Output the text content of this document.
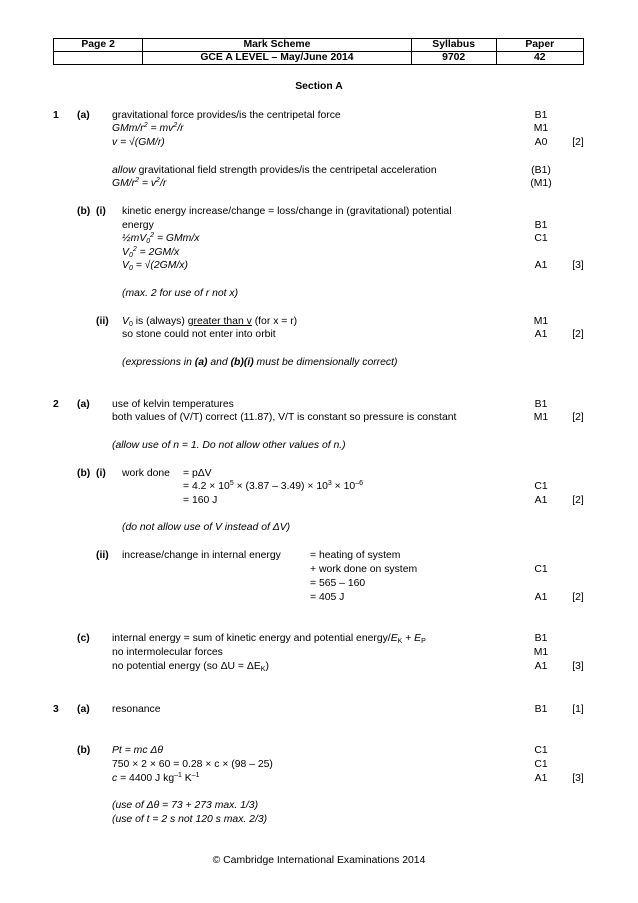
Page 2	Mark Scheme	Syllabus	Paper
	GCE A LEVEL – May/June 2014	9702	42
Section A
1 (a) gravitational force provides/is the centripetal force	B1
GMm/$r^2 = mv^2/r$	M1
v = √(GM/r)	A0	[2]
allow gravitational field strength provides/is the centripetal acceleration	(B1)
$GM/r^2 = v^2/r$	(M1)
(b) (i) kinetic energy increase/change = loss/change in (gravitational) potential
energy	B1
$\frac{1}{2}mV_0^2 = GMm/x$	C1
$V_0^2 = 2GM/x$
$V_0 = √(2GM/x)$	A1	[3]
(max. 2 for use of r not x)
(ii) $V_0$ is (always) greater than v (for x = r)	M1
so stone could not enter into orbit	A1	[2]
(expressions in (a) and (b)(i) must be dimensionally correct)
2 (a) use of kelvin temperatures	B1
both values of (V/T) correct (11.87), V/T is constant so pressure is constant	M1	[2]
(allow use of n = 1. Do not allow other values of n.)
(b) (i) work done = pΔV
= $4.2 \times 10^5 \times (3.87 - 3.49) \times 10^3 \times 10^{-6}$	C1
= 160 J	A1	[2]
(do not allow use of V instead of ΔV)
(ii) increase/change in internal energy	= heating of system
+ work done on system	C1
= 565 – 160
= 405 J	A1	[2]
(c) internal energy = sum of kinetic energy and potential energy/$E_K + E_P$	B1
no intermolecular forces	M1
no potential energy (so $\Delta U = \Delta E_K$)	A1	[3]
3 (a) resonance	B1	[1]
(b) Pt = mc Δθ	C1
750 × 2 × 60 = 0.28 × c × (98 – 25)	C1
c = 4400 J $kg^{-1}$ $K^{-1}$	A1	[3]
(use of Δθ = 73 + 273 max. 1/3)
(use of t = 2 s not 120 s max. 2/3)
© Cambridge International Examinations 2014
